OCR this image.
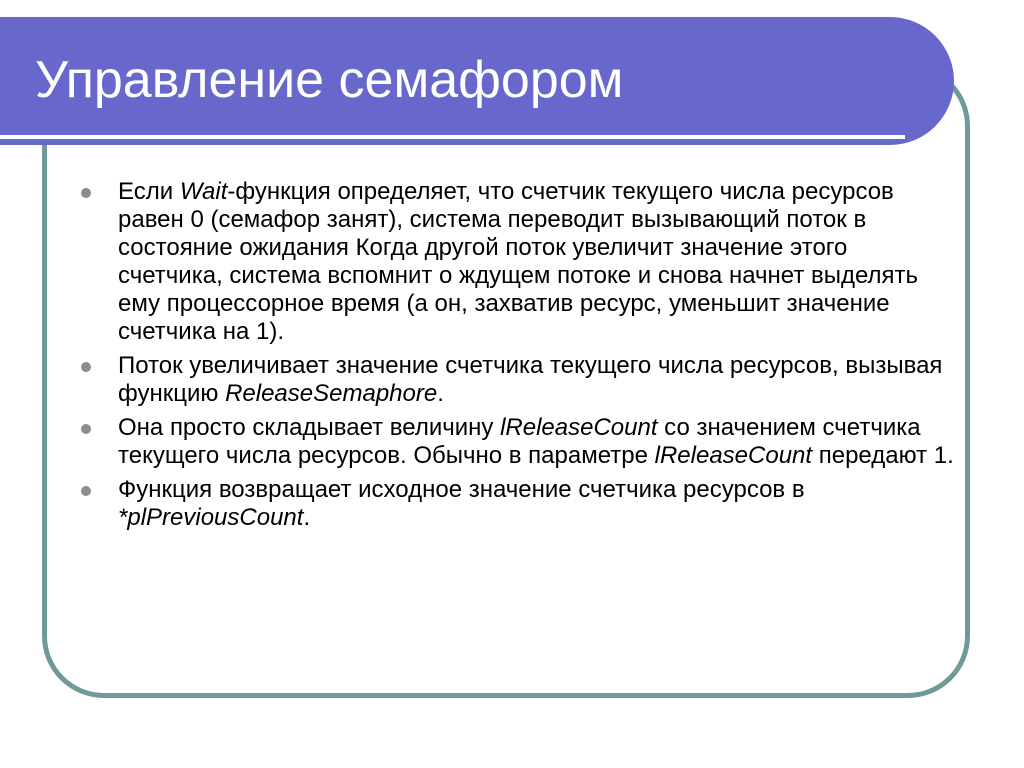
Управление семафором
Если Wait-функция определяет, что счетчик текущего числа ресурсов равен 0 (семафор занят), система переводит вызывающий поток в состояние ожидания Когда другой поток увеличит значение этого счетчика, система вспомнит о ждущем потоке и снова начнет выделять ему процессорное время (а он, захватив ресурс, уменьшит значение счетчика на 1).
Поток увеличивает значение счетчика текущего числа ресурсов, вызывая функцию ReleaseSemaphore.
Она просто складывает величину lReleaseCount со значением счетчика текущего числа ресурсов. Обычно в параметре lReleaseCount передают 1.
Функция возвращает исходное значение счетчика ресурсов в *plPreviousCount.
